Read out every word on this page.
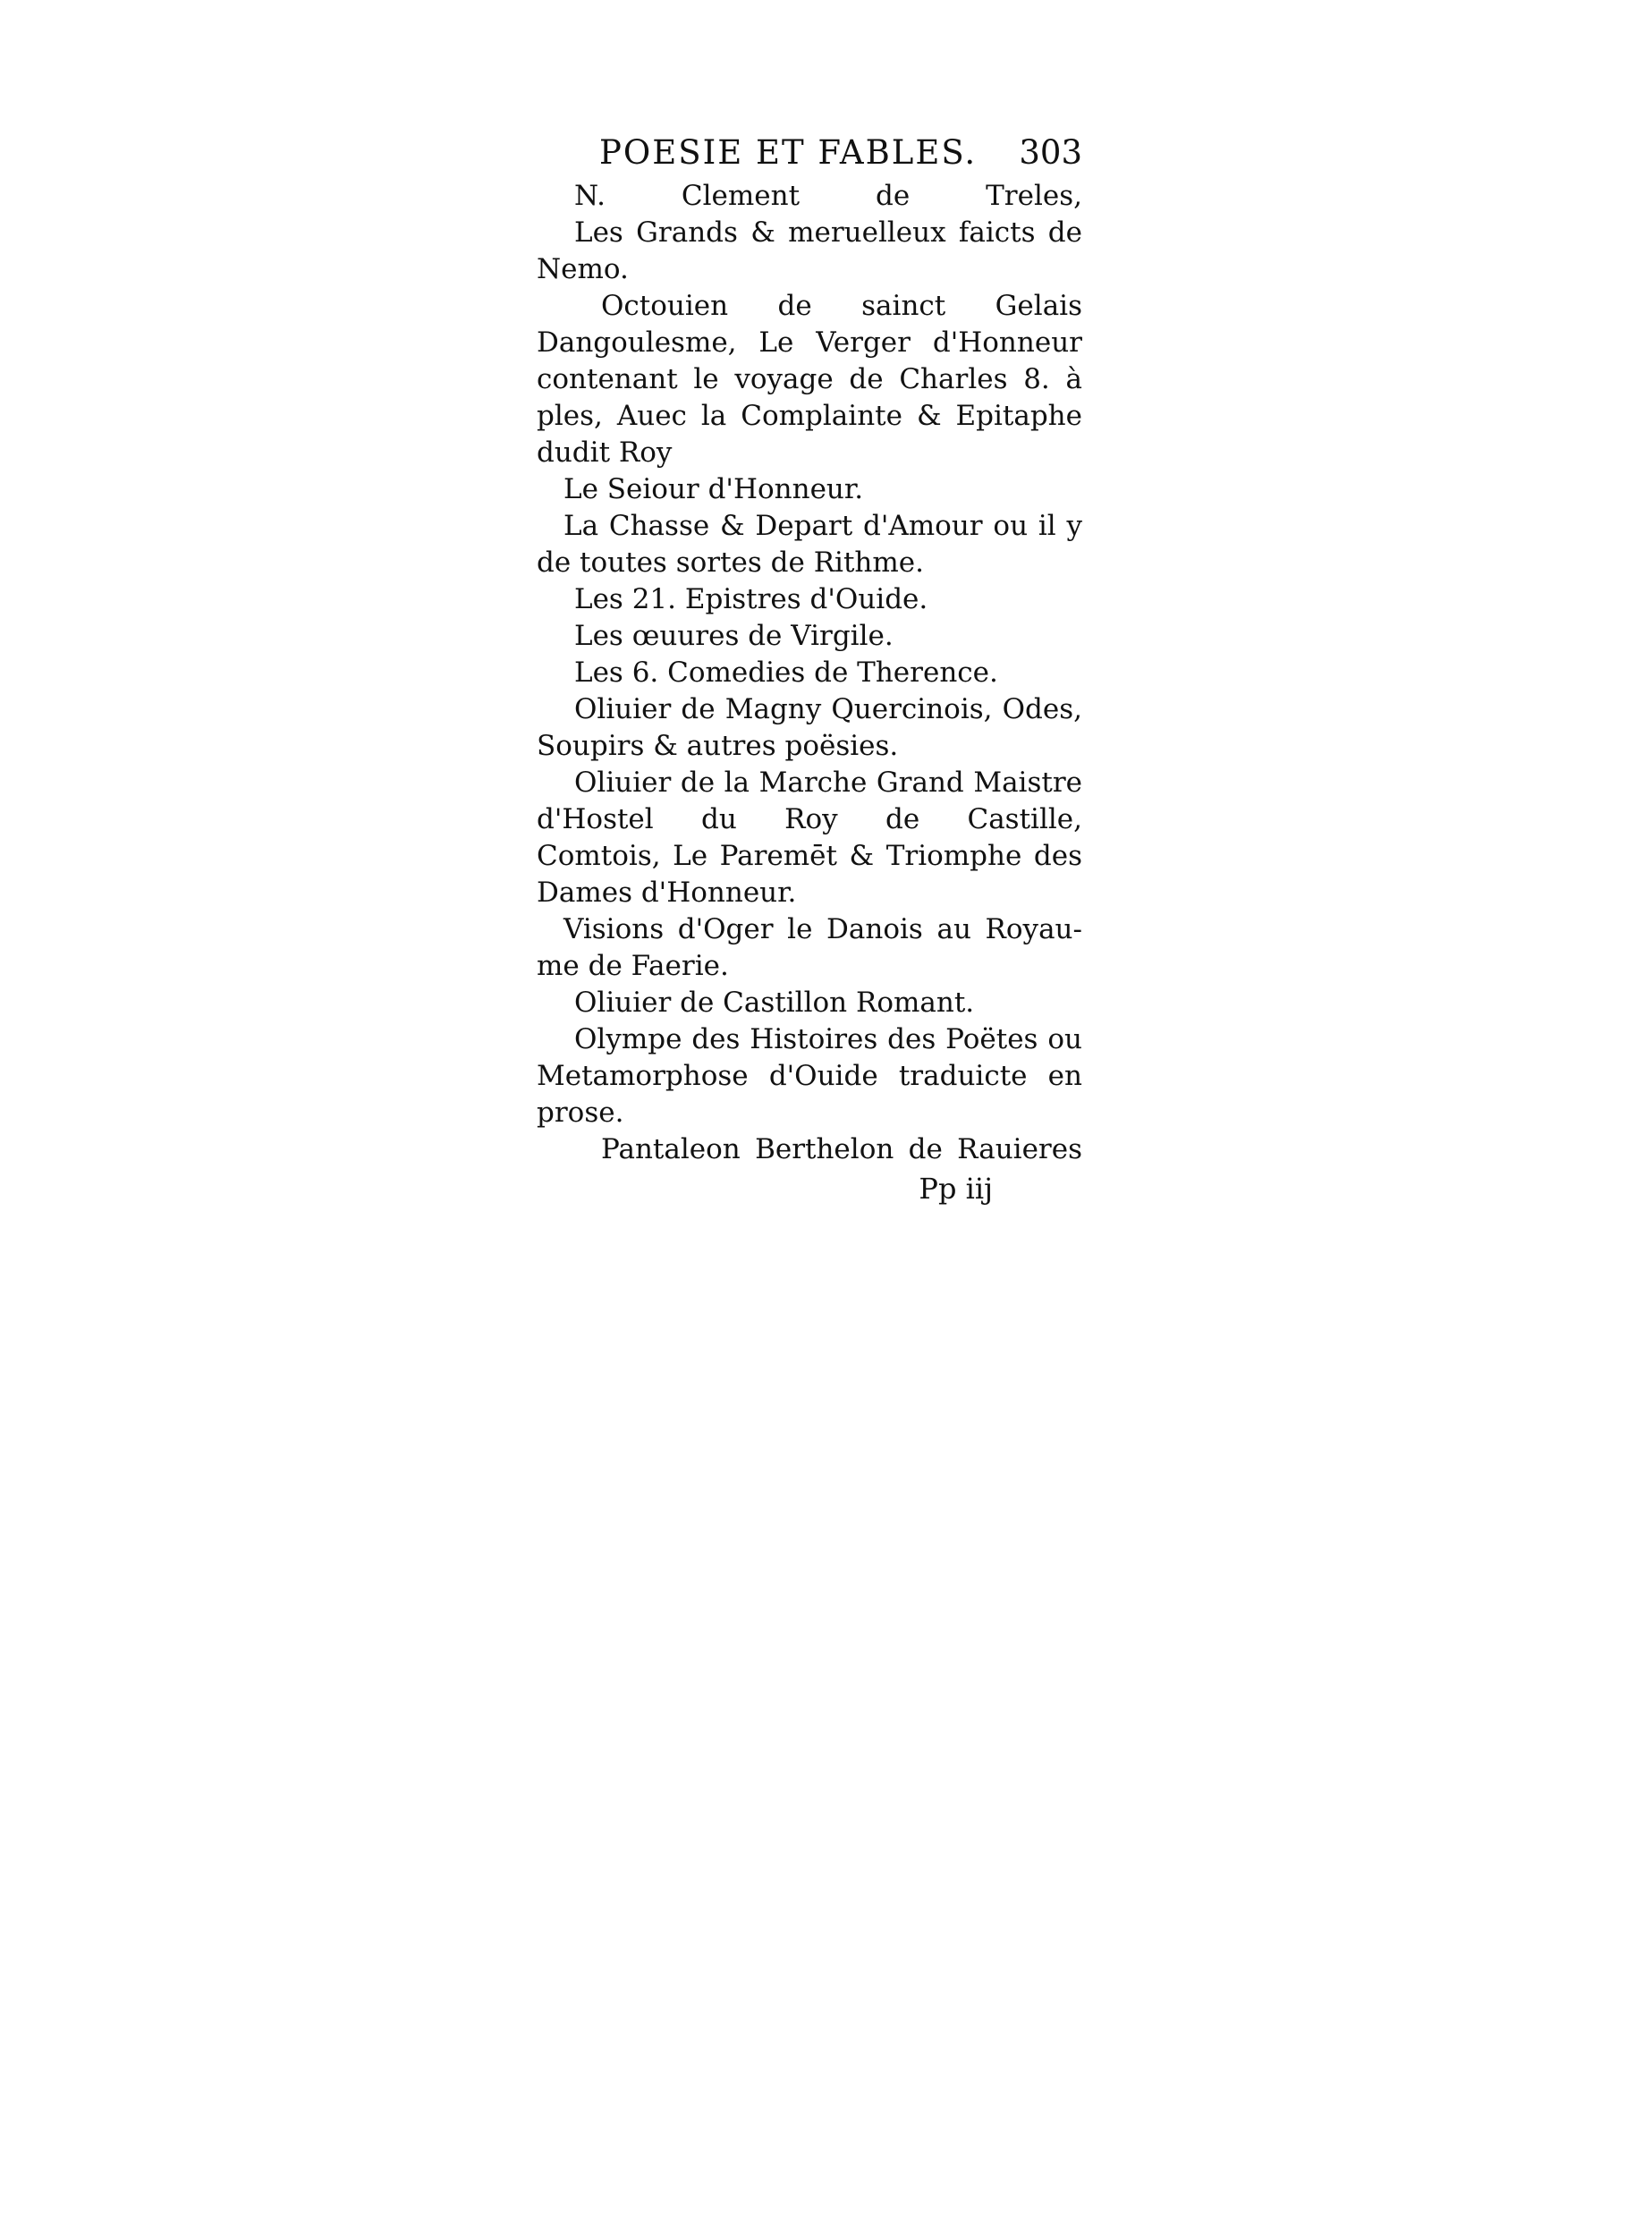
POESIE ET FABLES. 303
N. Clement de Treles,
Les Grands & meruelleux faicts de
Nemo.
Octouien de sainct Gelais
Dangoulesme, Le Verger d'Honneur
contenant le voyage de Charles 8. à
ples, Auec la Complainte & Epitaphe
dudit Roy
Le Seiour d'Honneur.
La Chasse & Depart d'Amour ou il y
de toutes sortes de Rithme.
Les 21. Epistres d'Ouide.
Les œuures de Virgile.
Les 6. Comedies de Therence.
Oliuier de Magny Quercinois, Odes,
Soupirs & autres poësies.
Oliuier de la Marche Grand Maistre
d'Hostel du Roy de Castille,
Comtois, Le Paremēt & Triomphe des
Dames d'Honneur.
Visions d'Oger le Danois au Royau-
me de Faerie.
Oliuier de Castillon Romant.
Olympe des Histoires des Poëtes ou
Metamorphose d'Ouide traduicte en
prose.
Pantaleon Berthelon de Rauieres
Pp iij
